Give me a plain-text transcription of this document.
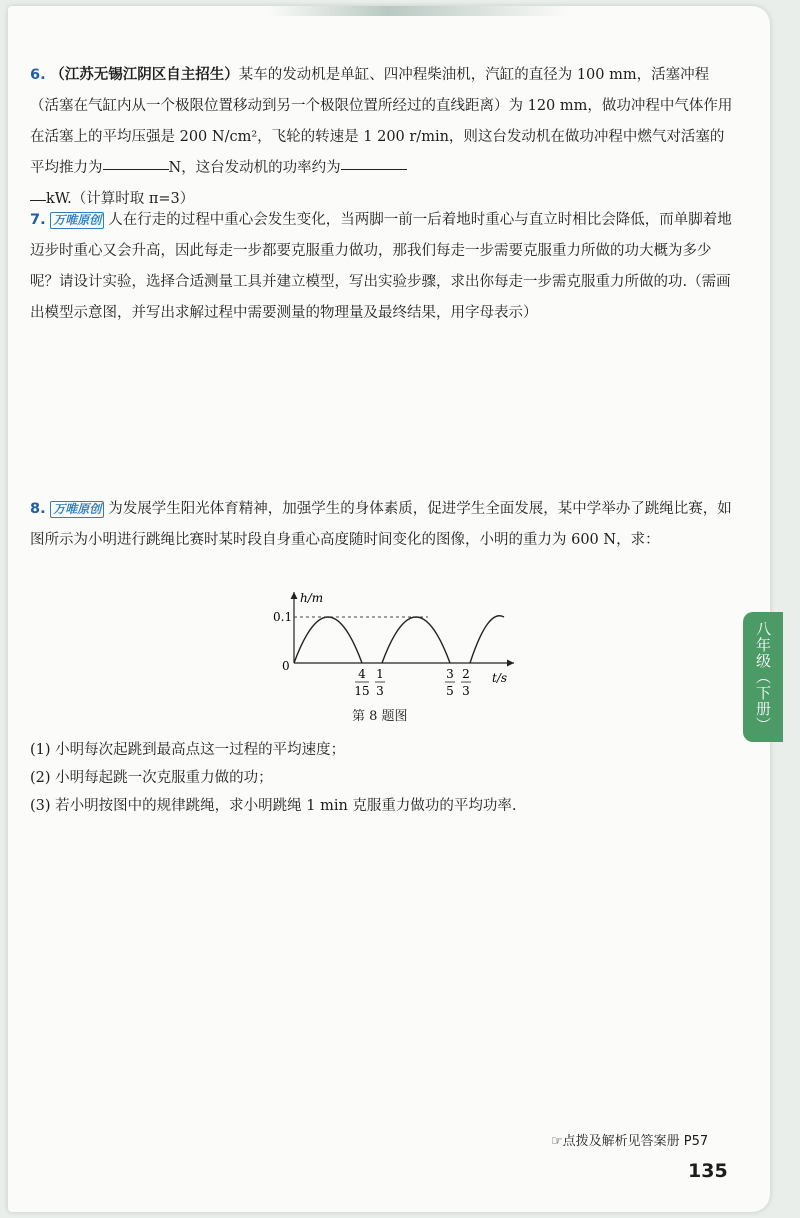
6. （江苏无锡江阴区自主招生）某车的发动机是单缸、四冲程柴油机，汽缸的直径为 100 mm，活塞冲程（活塞在气缸内从一个极限位置移动到另一个极限位置所经过的直线距离）为 120 mm，做功冲程中气体作用在活塞上的平均压强是 200 N/cm²，飞轮的转速是 1 200 r/min，则这台发动机在做功冲程中燃气对活塞的平均推力为	N，这台发动机的功率约为
kW.（计算时取 π=3）
7. 万唯原创 人在行走的过程中重心会发生变化，当两脚一前一后着地时重心与直立时相比会降低，而单脚着地迈步时重心又会升高，因此每走一步都要克服重力做功，那我们每走一步需要克服重力所做的功大概为多少呢？请设计实验，选择合适测量工具并建立模型，写出实验步骤，求出你每走一步需克服重力所做的功.（需画出模型示意图，并写出求解过程中需要测量的物理量及最终结果，用字母表示）
8. 万唯原创 为发展学生阳光体育精神，加强学生的身体素质，促进学生全面发展，某中学举办了跳绳比赛，如图所示为小明进行跳绳比赛时某时段自身重心高度随时间变化的图像，小明的重力为 600 N，求：
h/m
0.1
0
t/s
4
15
1
3
3
5
2
3
第 8 题图
(1) 小明每次起跳到最高点这一过程的平均速度；
(2) 小明每起跳一次克服重力做的功；
(3) 若小明按图中的规律跳绳，求小明跳绳 1 min 克服重力做功的平均功率.
八年级（下册）
☞点拨及解析见答案册 P57
135
